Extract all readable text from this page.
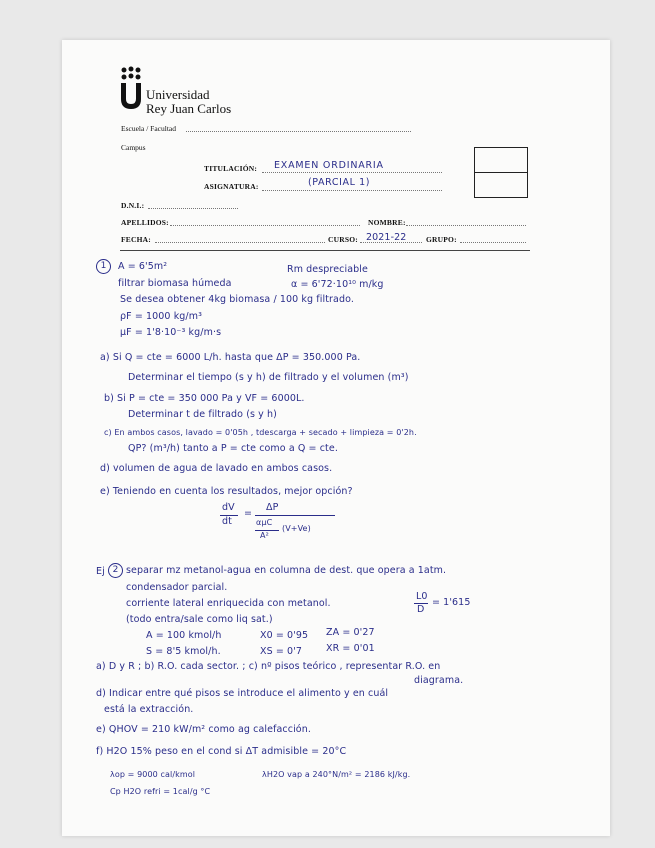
Universidad
Rey Juan Carlos
Escuela / Facultad
Campus
TITULACIÓN: EXAMEN ORDINARIA
ASIGNATURA:	(PARCIAL 1)
D.N.I.:
APELLIDOS:	NOMBRE:
FECHA:	CURSO: 2021-22	GRUPO:
1	A = 6'5m²	Rm despreciable
filtrar biomasa húmeda	α = 6'72·10¹⁰ m/kg
Se desea obtener 4kg biomasa / 100 kg filtrado.
ρF = 1000 kg/m³
μF = 1'8·10⁻³ kg/m·s
a) Si Q = cte = 6000 L/h. hasta que ΔP = 350.000 Pa.
Determinar el tiempo (s y h) de filtrado y el volumen (m³)
b) Si P = cte = 350 000 Pa y VF = 6000L.
Determinar t de filtrado (s y h)
c) En ambos casos, lavado = 0'05h , tdescarga + secado + limpieza = 0'2h.
QP? (m³/h) tanto a P = cte como a Q = cte.
d) volumen de agua de lavado en ambos casos.
e) Teniendo en cuenta los resultados, mejor opción?
dV
dt
=
ΔP
αμC
A²
(V+Ve)
Ej 2 separar mz metanol-agua en columna de dest. que opera a 1atm.
condensador parcial.
corriente lateral enriquecida con metanol.
(todo entra/sale como liq sat.)
L0
D
= 1'615
A = 100 kmol/h	X0 = 0'95 ZA = 0'27
S = 8'5 kmol/h.	XS = 0'7	XR = 0'01
a) D y R ; b) R.O. cada sector. ; c) nº pisos teórico , representar R.O. en
diagrama.
d) Indicar entre qué pisos se introduce el alimento y en cuál
está la extracción.
e) QHOV = 210 kW/m² como ag calefacción.
f) H2O 15% peso en el cond si ΔT admisible = 20°C
λop = 9000 cal/kmol	λH2O vap a 240°N/m² = 2186 kJ/kg.
Cp H2O refri = 1cal/g °C
